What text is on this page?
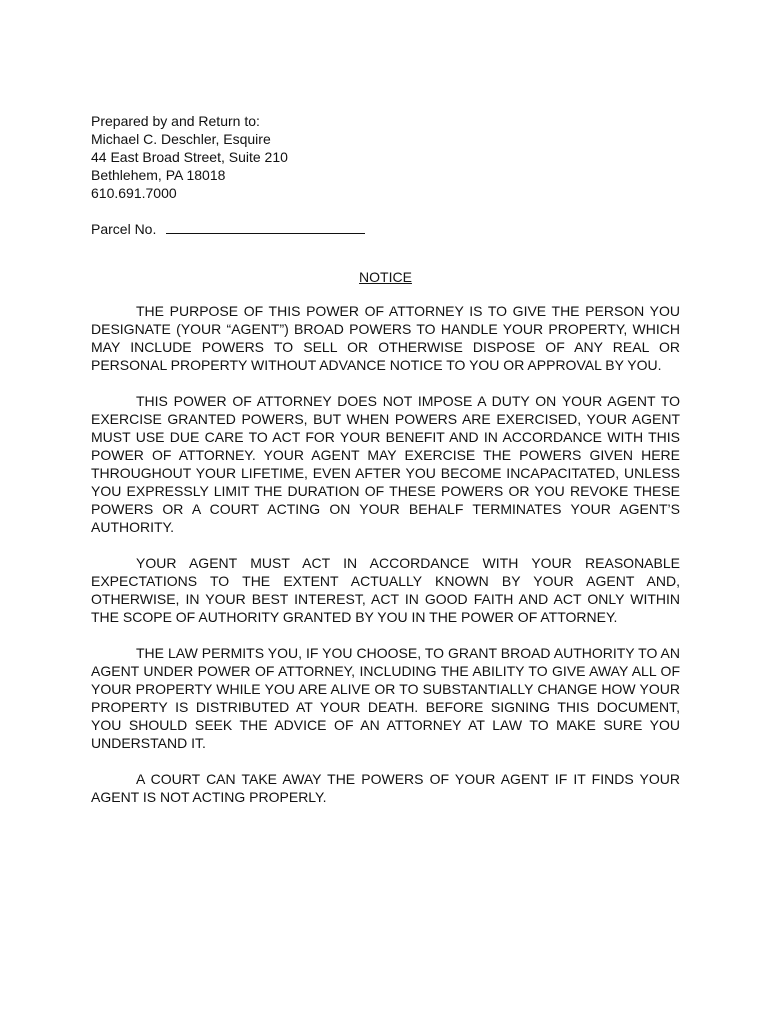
Prepared by and Return to:
Michael C. Deschler, Esquire
44 East Broad Street, Suite 210
Bethlehem, PA 18018
610.691.7000
Parcel No.
NOTICE
THE PURPOSE OF THIS POWER OF ATTORNEY IS TO GIVE THE PERSON YOU DESIGNATE (YOUR “AGENT”) BROAD POWERS TO HANDLE YOUR PROPERTY, WHICH MAY INCLUDE POWERS TO SELL OR OTHERWISE DISPOSE OF ANY REAL OR PERSONAL PROPERTY WITHOUT ADVANCE NOTICE TO YOU OR APPROVAL BY YOU.
THIS POWER OF ATTORNEY DOES NOT IMPOSE A DUTY ON YOUR AGENT TO EXERCISE GRANTED POWERS, BUT WHEN POWERS ARE EXERCISED, YOUR AGENT MUST USE DUE CARE TO ACT FOR YOUR BENEFIT AND IN ACCORDANCE WITH THIS POWER OF ATTORNEY. YOUR AGENT MAY EXERCISE THE POWERS GIVEN HERE THROUGHOUT YOUR LIFETIME, EVEN AFTER YOU BECOME INCAPACITATED, UNLESS YOU EXPRESSLY LIMIT THE DURATION OF THESE POWERS OR YOU REVOKE THESE POWERS OR A COURT ACTING ON YOUR BEHALF TERMINATES YOUR AGENT’S AUTHORITY.
YOUR AGENT MUST ACT IN ACCORDANCE WITH YOUR REASONABLE EXPECTATIONS TO THE EXTENT ACTUALLY KNOWN BY YOUR AGENT AND, OTHERWISE, IN YOUR BEST INTEREST, ACT IN GOOD FAITH AND ACT ONLY WITHIN THE SCOPE OF AUTHORITY GRANTED BY YOU IN THE POWER OF ATTORNEY.
THE LAW PERMITS YOU, IF YOU CHOOSE, TO GRANT BROAD AUTHORITY TO AN AGENT UNDER POWER OF ATTORNEY, INCLUDING THE ABILITY TO GIVE AWAY ALL OF YOUR PROPERTY WHILE YOU ARE ALIVE OR TO SUBSTANTIALLY CHANGE HOW YOUR PROPERTY IS DISTRIBUTED AT YOUR DEATH. BEFORE SIGNING THIS DOCUMENT, YOU SHOULD SEEK THE ADVICE OF AN ATTORNEY AT LAW TO MAKE SURE YOU UNDERSTAND IT.
A COURT CAN TAKE AWAY THE POWERS OF YOUR AGENT IF IT FINDS YOUR AGENT IS NOT ACTING PROPERLY.
